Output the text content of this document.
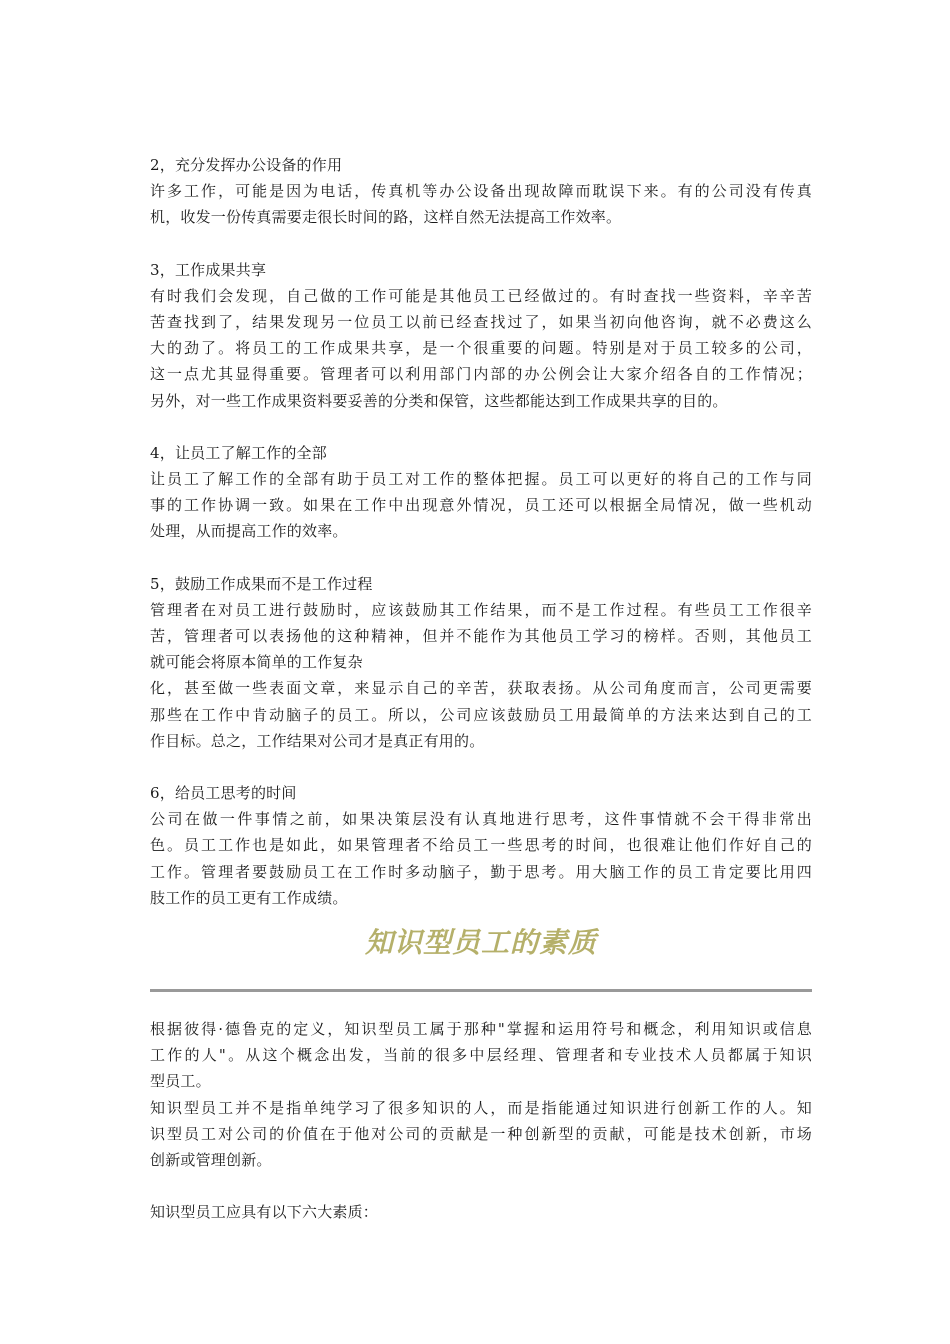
2，充分发挥办公设备的作用
许多工作，可能是因为电话，传真机等办公设备出现故障而耽误下来。有的公司没有传真
机，收发一份传真需要走很长时间的路，这样自然无法提高工作效率。
3，工作成果共享
有时我们会发现，自己做的工作可能是其他员工已经做过的。有时查找一些资料，辛辛苦
苦查找到了，结果发现另一位员工以前已经查找过了，如果当初向他咨询，就不必费这么
大的劲了。将员工的工作成果共享，是一个很重要的问题。特别是对于员工较多的公司，
这一点尤其显得重要。管理者可以利用部门内部的办公例会让大家介绍各自的工作情况；
另外，对一些工作成果资料要妥善的分类和保管，这些都能达到工作成果共享的目的。
4，让员工了解工作的全部
让员工了解工作的全部有助于员工对工作的整体把握。员工可以更好的将自己的工作与同
事的工作协调一致。如果在工作中出现意外情况，员工还可以根据全局情况，做一些机动
处理，从而提高工作的效率。
5，鼓励工作成果而不是工作过程
管理者在对员工进行鼓励时，应该鼓励其工作结果，而不是工作过程。有些员工工作很辛
苦，管理者可以表扬他的这种精神，但并不能作为其他员工学习的榜样。否则，其他员工
就可能会将原本简单的工作复杂
化，甚至做一些表面文章，来显示自己的辛苦，获取表扬。从公司角度而言，公司更需要
那些在工作中肯动脑子的员工。所以，公司应该鼓励员工用最简单的方法来达到自己的工
作目标。总之，工作结果对公司才是真正有用的。
6，给员工思考的时间
公司在做一件事情之前，如果决策层没有认真地进行思考，这件事情就不会干得非常出
色。员工工作也是如此，如果管理者不给员工一些思考的时间，也很难让他们作好自己的
工作。管理者要鼓励员工在工作时多动脑子，勤于思考。用大脑工作的员工肯定要比用四
肢工作的员工更有工作成绩。
知识型员工的素质
根据彼得·德鲁克的定义，知识型员工属于那种"掌握和运用符号和概念，利用知识或信息
工作的人"。从这个概念出发，当前的很多中层经理、管理者和专业技术人员都属于知识
型员工。
知识型员工并不是指单纯学习了很多知识的人，而是指能通过知识进行创新工作的人。知
识型员工对公司的价值在于他对公司的贡献是一种创新型的贡献，可能是技术创新，市场
创新或管理创新。
知识型员工应具有以下六大素质：
